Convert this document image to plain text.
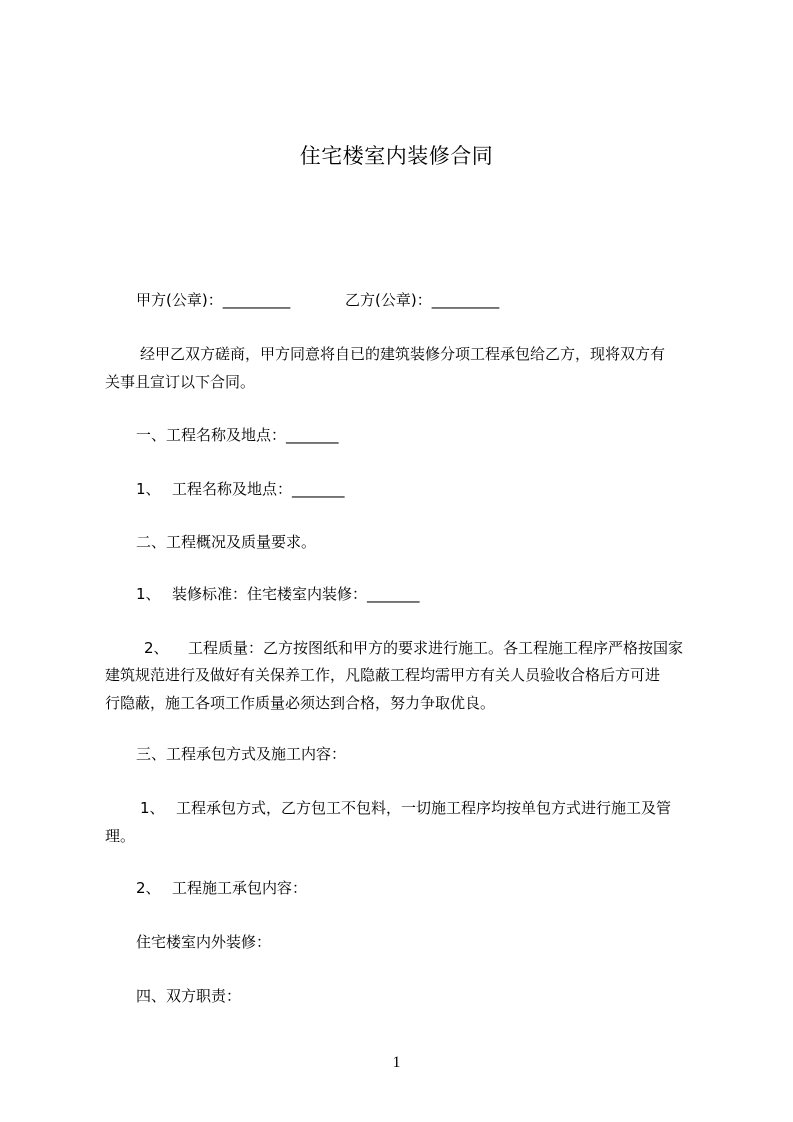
住宅楼室内装修合同
甲方(公章)：_________	乙方(公章)：_________
经甲乙双方磋商，甲方同意将自已的建筑装修分项工程承包给乙方，现将双方有
关事且宣订以下合同。
一、工程名称及地点：_______
1、 工程名称及地点：_______
二、工程概况及质量要求。
1、 装修标准：住宅楼室内装修：_______
2、 工程质量：乙方按图纸和甲方的要求进行施工。各工程施工程序严格按国家
建筑规范进行及做好有关保养工作，凡隐蔽工程均需甲方有关人员验收合格后方可进
行隐蔽，施工各项工作质量必须达到合格，努力争取优良。
三、工程承包方式及施工内容：
1、 工程承包方式，乙方包工不包料，一切施工程序均按单包方式进行施工及管
理。
2、 工程施工承包内容：
住宅楼室内外装修：
四、双方职责：
1
